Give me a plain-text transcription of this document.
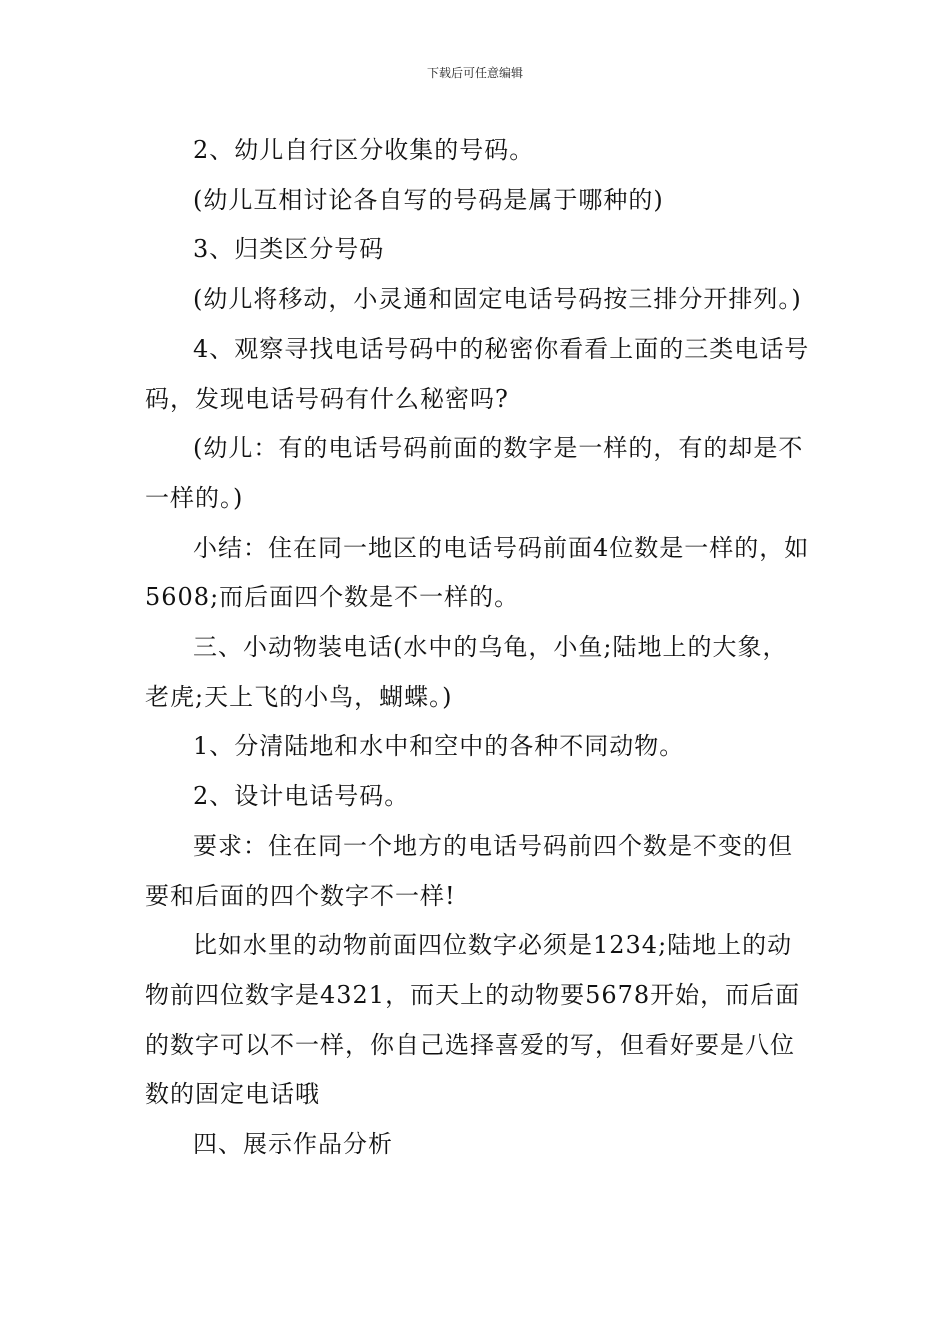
下载后可任意编辑

2、幼儿自行区分收集的号码。

(幼儿互相讨论各自写的号码是属于哪种的)

3、归类区分号码

(幼儿将移动，小灵通和固定电话号码按三排分开排列。)

4、观察寻找电话号码中的秘密你看看上面的三类电话号码，发现电话号码有什么秘密吗?

(幼儿：有的电话号码前面的数字是一样的，有的却是不一样的。)

小结：住在同一地区的电话号码前面4位数是一样的，如5608;而后面四个数是不一样的。

三、小动物装电话(水中的乌龟，小鱼;陆地上的大象，老虎;天上飞的小鸟，蝴蝶。)

1、分清陆地和水中和空中的各种不同动物。

2、设计电话号码。

要求：住在同一个地方的电话号码前四个数是不变的但要和后面的四个数字不一样!

比如水里的动物前面四位数字必须是1234;陆地上的动物前四位数字是4321，而天上的动物要5678开始，而后面的数字可以不一样，你自己选择喜爱的写，但看好要是八位数的固定电话哦

四、展示作品分析
